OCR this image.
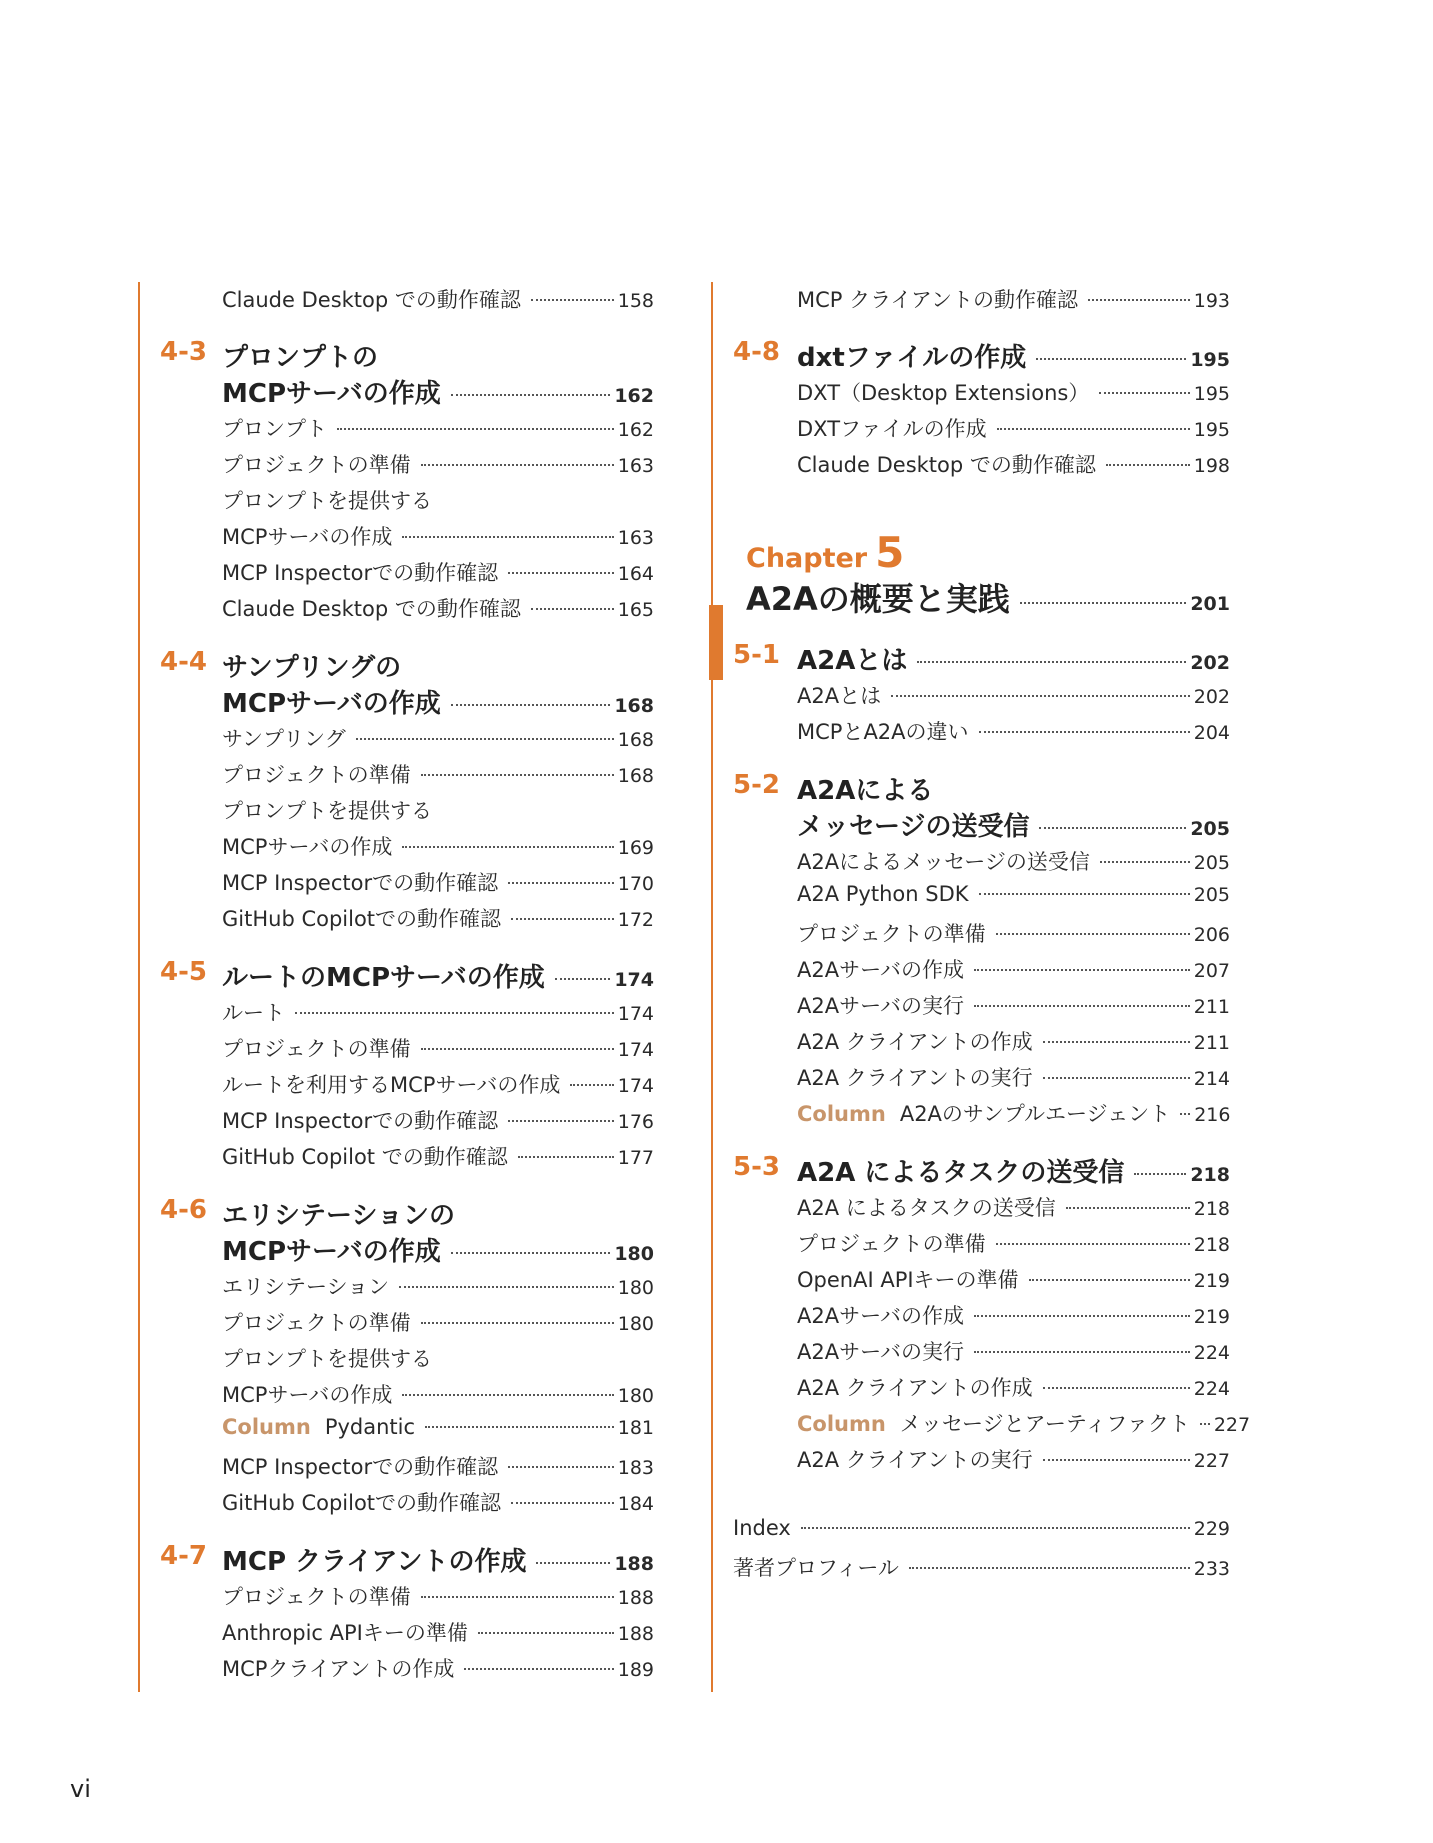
vi
Claude Desktop での動作確認	158
4-3 プロンプトの
MCPサーバの作成	162
プロンプト	162
プロジェクトの準備	163
プロンプトを提供する
MCPサーバの作成	163
MCP Inspectorでの動作確認	164
Claude Desktop での動作確認	165
4-4 サンプリングの
MCPサーバの作成	168
サンプリング	168
プロジェクトの準備	168
プロンプトを提供する
MCPサーバの作成	169
MCP Inspectorでの動作確認	170
GitHub Copilotでの動作確認	172
4-5 ルートのMCPサーバの作成	174
ルート	174
プロジェクトの準備	174
ルートを利用するMCPサーバの作成	174
MCP Inspectorでの動作確認	176
GitHub Copilot での動作確認	177
4-6 エリシテーションの
MCPサーバの作成	180
エリシテーション	180
プロジェクトの準備	180
プロンプトを提供する
MCPサーバの作成	180
Column Pydantic	181
MCP Inspectorでの動作確認	183
GitHub Copilotでの動作確認	184
4-7 MCP クライアントの作成	188
プロジェクトの準備	188
Anthropic APIキーの準備	188
MCPクライアントの作成	189
MCP クライアントの動作確認	193
4-8 dxtファイルの作成	195
DXT（Desktop Extensions）	195
DXTファイルの作成	195
Claude Desktop での動作確認	198
Chapter 5
A2Aの概要と実践	201
5-1 A2Aとは	202
A2Aとは	202
MCPとA2Aの違い	204
5-2 A2Aによる
メッセージの送受信	205
A2Aによるメッセージの送受信	205
A2A Python SDK	205
プロジェクトの準備	206
A2Aサーバの作成	207
A2Aサーバの実行	211
A2A クライアントの作成	211
A2A クライアントの実行	214
Column A2Aのサンプルエージェント 216
5-3 A2A によるタスクの送受信	218
A2A によるタスクの送受信	218
プロジェクトの準備	218
OpenAI APIキーの準備	219
A2Aサーバの作成	219
A2Aサーバの実行	224
A2A クライアントの作成	224
Column メッセージとアーティファクト 227
A2A クライアントの実行	227
Index	229
著者プロフィール	233
